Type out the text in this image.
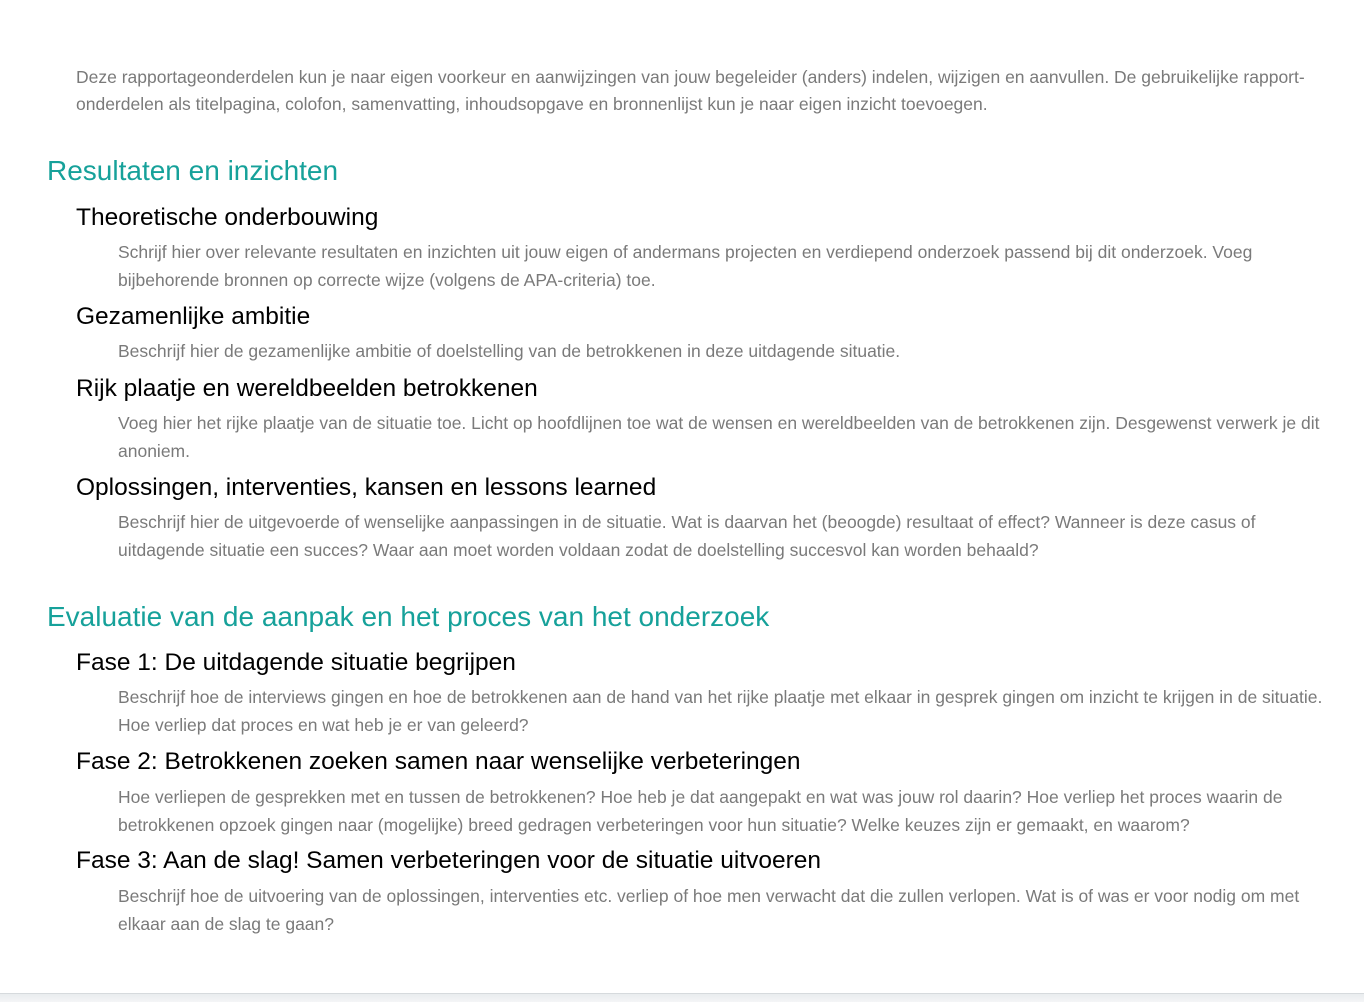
Deze rapportageonderdelen kun je naar eigen voorkeur en aanwijzingen van jouw begeleider (anders) indelen, wijzigen en aanvullen. De gebruikelijke rapport-onderdelen als titelpagina, colofon, samenvatting, inhoudsopgave en bronnenlijst kun je naar eigen inzicht toevoegen.

Resultaten en inzichten
Theoretische onderbouwing

Schrijf hier over relevante resultaten en inzichten uit jouw eigen of andermans projecten en verdiepend onderzoek passend bij dit onderzoek. Voeg bijbehorende bronnen op correcte wijze (volgens de APA-criteria) toe.

Gezamenlijke ambitie

Beschrijf hier de gezamenlijke ambitie of doelstelling van de betrokkenen in deze uitdagende situatie.

Rijk plaatje en wereldbeelden betrokkenen

Voeg hier het rijke plaatje van de situatie toe. Licht op hoofdlijnen toe wat de wensen en wereldbeelden van de betrokkenen zijn. Desgewenst verwerk je dit anoniem.

Oplossingen, interventies, kansen en lessons learned

Beschrijf hier de uitgevoerde of wenselijke aanpassingen in de situatie. Wat is daarvan het (beoogde) resultaat of effect? Wanneer is deze casus of uitdagende situatie een succes? Waar aan moet worden voldaan zodat de doelstelling succesvol kan worden behaald?

Evaluatie van de aanpak en het proces van het onderzoek
Fase 1: De uitdagende situatie begrijpen

Beschrijf hoe de interviews gingen en hoe de betrokkenen aan de hand van het rijke plaatje met elkaar in gesprek gingen om inzicht te krijgen in de situatie. Hoe verliep dat proces en wat heb je er van geleerd?

Fase 2: Betrokkenen zoeken samen naar wenselijke verbeteringen

Hoe verliepen de gesprekken met en tussen de betrokkenen? Hoe heb je dat aangepakt en wat was jouw rol daarin? Hoe verliep het proces waarin de betrokkenen opzoek gingen naar (mogelijke) breed gedragen verbeteringen voor hun situatie? Welke keuzes zijn er gemaakt, en waarom?

Fase 3: Aan de slag! Samen verbeteringen voor de situatie uitvoeren

Beschrijf hoe de uitvoering van de oplossingen, interventies etc. verliep of hoe men verwacht dat die zullen verlopen. Wat is of was er voor nodig om met elkaar aan de slag te gaan?
